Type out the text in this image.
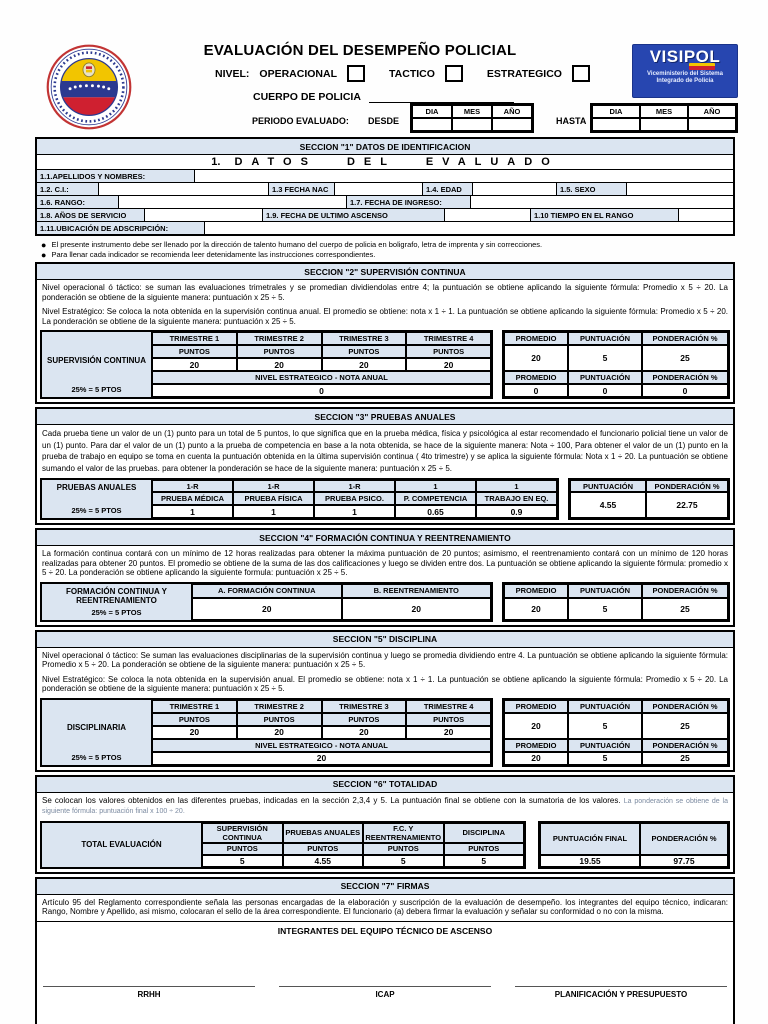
EVALUACIÓN DEL DESEMPEÑO POLICIAL	VISIPOL
Viceministerio del Sistema
Integrado de Policía
NIVEL: OPERACIONAL	TACTICO	ESTRATEGICO
CUERPO DE POLICIA
PERIODO EVALUADO: DESDE	HASTA
DIA	MES	AÑO	DIA	MES	AÑO
SECCION "1" DATOS DE IDENTIFICACION
1. DATOS DEL EVALUADO
1.1.APELLIDOS Y NOMBRES:
1.2. C.I.:	1.3 FECHA NAC	1.4. EDAD	1.5. SEXO
1.6. RANGO:	1.7. FECHA DE INGRESO:
1.8. AÑOS DE SERVICIO	1.9. FECHA DE ULTIMO ASCENSO	1.10 TIEMPO EN EL RANGO
1.11.UBICACIÓN DE ADSCRIPCIÓN:
● El presente instrumento debe ser llenado por la dirección de talento humano del cuerpo de policia en boligrafo, letra de imprenta y sin correcciones.
● Para llenar cada indicador se recomienda leer detenidamente las instrucciones correspondientes.
SECCION "2" SUPERVISIÓN CONTINUA
Nivel operacional ó táctico: se suman las evaluaciones trimetrales y se promedian dividiendolas entre 4; la puntuación se obtiene aplicando la siguiente fórmula: Promedio x 5 ÷ 20. La ponderación se obtiene de la siguiente manera: puntuación x 25 ÷ 5.
Nivel Estratégico: Se coloca la nota obtenida en la supervisión continua anual. El promedio se obtiene: nota x 1 ÷ 1. La puntuación se obtiene aplicando la siguiente fórmula: Promedio x 5 ÷ 20. La ponderación se obtiene de la siguiente manera: puntuación x 25 ÷ 5.
SUPERVISIÓN CONTINUA
25% = 5 PTOS
TRIMESTRE 1	TRIMESTRE 2	TRIMESTRE 3	TRIMESTRE 4
PUNTOS	PUNTOS	PUNTOS	PUNTOS
20	20	20	20
NIVEL ESTRATEGICO - NOTA ANUAL
0
PROMEDIO	PUNTUACIÓN	PONDERACIÓN %
20	5	25
PROMEDIO	PUNTUACIÓN	PONDERACIÓN %
0	0	0
SECCION "3" PRUEBAS ANUALES
Cada prueba tiene un valor de un (1) punto para un total de 5 puntos, lo que significa que en la prueba médica, física y psicológica al estar recomendado el funcionario policial tiene un valor de un (1) punto. Para dar el valor de un (1) punto a la prueba de competencia en base a la nota obtenida, se hace de la siguiente manera: Nota ÷ 100, Para obtener el valor de un (1) punto en la prueba de trabajo en equipo se toma en cuenta la puntuación obtenida en la última supervisión continua ( 4to trimestre) y se aplica la siguiente fórmula: Nota x 1 ÷ 20. La puntuación se obtiene sumando el valor de las pruebas. para obtener la ponderación se hace de la siguiente manera: puntuación x 25 ÷ 5.
PRUEBAS ANUALES
25% = 5 PTOS
1-R	1-R	1-R	1	1
PRUEBA MÉDICA	PRUEBA FÍSICA	PRUEBA PSICO.	P. COMPETENCIA	TRABAJO EN EQ.
1	1	1	0.65	0.9
PUNTUACIÓN	PONDERACIÓN %
4.55	22.75
SECCION "4" FORMACIÓN CONTINUA Y REENTRENAMIENTO
La formación continua contará con un mínimo de 12 horas realizadas para obtener la máxima puntuación de 20 puntos; asimismo, el reentrenamiento contará con un mínimo de 120 horas realizadas para obtener 20 puntos. El promedio se obtiene de la suma de las dos calificaciones y luego se dividen entre dos. La puntuación se obtiene aplicando la siguiente fórmula: promedio x 5 ÷ 20. La ponderación se obtiene aplicando la siguiente formula: puntuación x 25 ÷ 5.
FORMACIÓN CONTINUA Y REENTRENAMIENTO
25% = 5 PTOS
A. FORMACIÓN CONTINUA	B. REENTRENAMIENTO
20	20
PROMEDIO	PUNTUACIÓN	PONDERACIÓN %
20	5	25
SECCION "5" DISCIPLINA
Nivel operacional ó táctico: Se suman las evaluaciones disciplinarias de la supervisión continua y luego se promedia dividiendo entre 4. La puntuación se obtiene aplicando la siguiente fórmula: Promedio x 5 ÷ 20. La ponderación se obtiene de la siguiente manera: puntuación x 25 ÷ 5.
Nivel Estratégico: Se coloca la nota obtenida en la supervisión anual. El promedio se obtiene: nota x 1 ÷ 1. La puntuación se obtiene aplicando la siguiente fórmula: Promedio x 5 ÷ 20. La ponderación se obtiene de la siguiente manera: puntuación x 25 ÷ 5.
DISCIPLINARIA
25% = 5 PTOS
TRIMESTRE 1	TRIMESTRE 2	TRIMESTRE 3	TRIMESTRE 4
PUNTOS	PUNTOS	PUNTOS	PUNTOS
20	20	20	20
NIVEL ESTRATEGICO - NOTA ANUAL
20
PROMEDIO	PUNTUACIÓN	PONDERACIÓN %
20	5	25
PROMEDIO	PUNTUACIÓN	PONDERACIÓN %
20	5	25
SECCION "6" TOTALIDAD
Se colocan los valores obtenidos en las diferentes pruebas, indicadas en la sección 2,3,4 y 5. La puntuación final se obtiene con la sumatoria de los valores. La ponderación se obtiene de la siguiente fórmula: puntuación final x 100 ÷ 20.
TOTAL EVALUACIÓN
SUPERVISIÓN CONTINUA	PRUEBAS ANUALES	F.C. Y REENTRENAMIENTO	DISCIPLINA
PUNTOS	PUNTOS	PUNTOS	PUNTOS
5	4.55	5	5
PUNTUACIÓN FINAL	PONDERACIÓN %
19.55	97.75
SECCION "7" FIRMAS
Artículo 95 del Reglamento correspondiente señala las personas encargadas de la elaboración y suscripción de la evaluación de desempeño. los integrantes del equipo técnico, indicaran: Rango, Nombre y Apellido, asi mismo, colocaran el sello de la área correspondiente. El funcionario (a) debera firmar la evaluación y señalar su conformidad o no con la misma.
INTEGRANTES DEL EQUIPO TÉCNICO DE ASCENSO
RRHH	ICAP	PLANIFICACIÓN Y PRESUPUESTO
